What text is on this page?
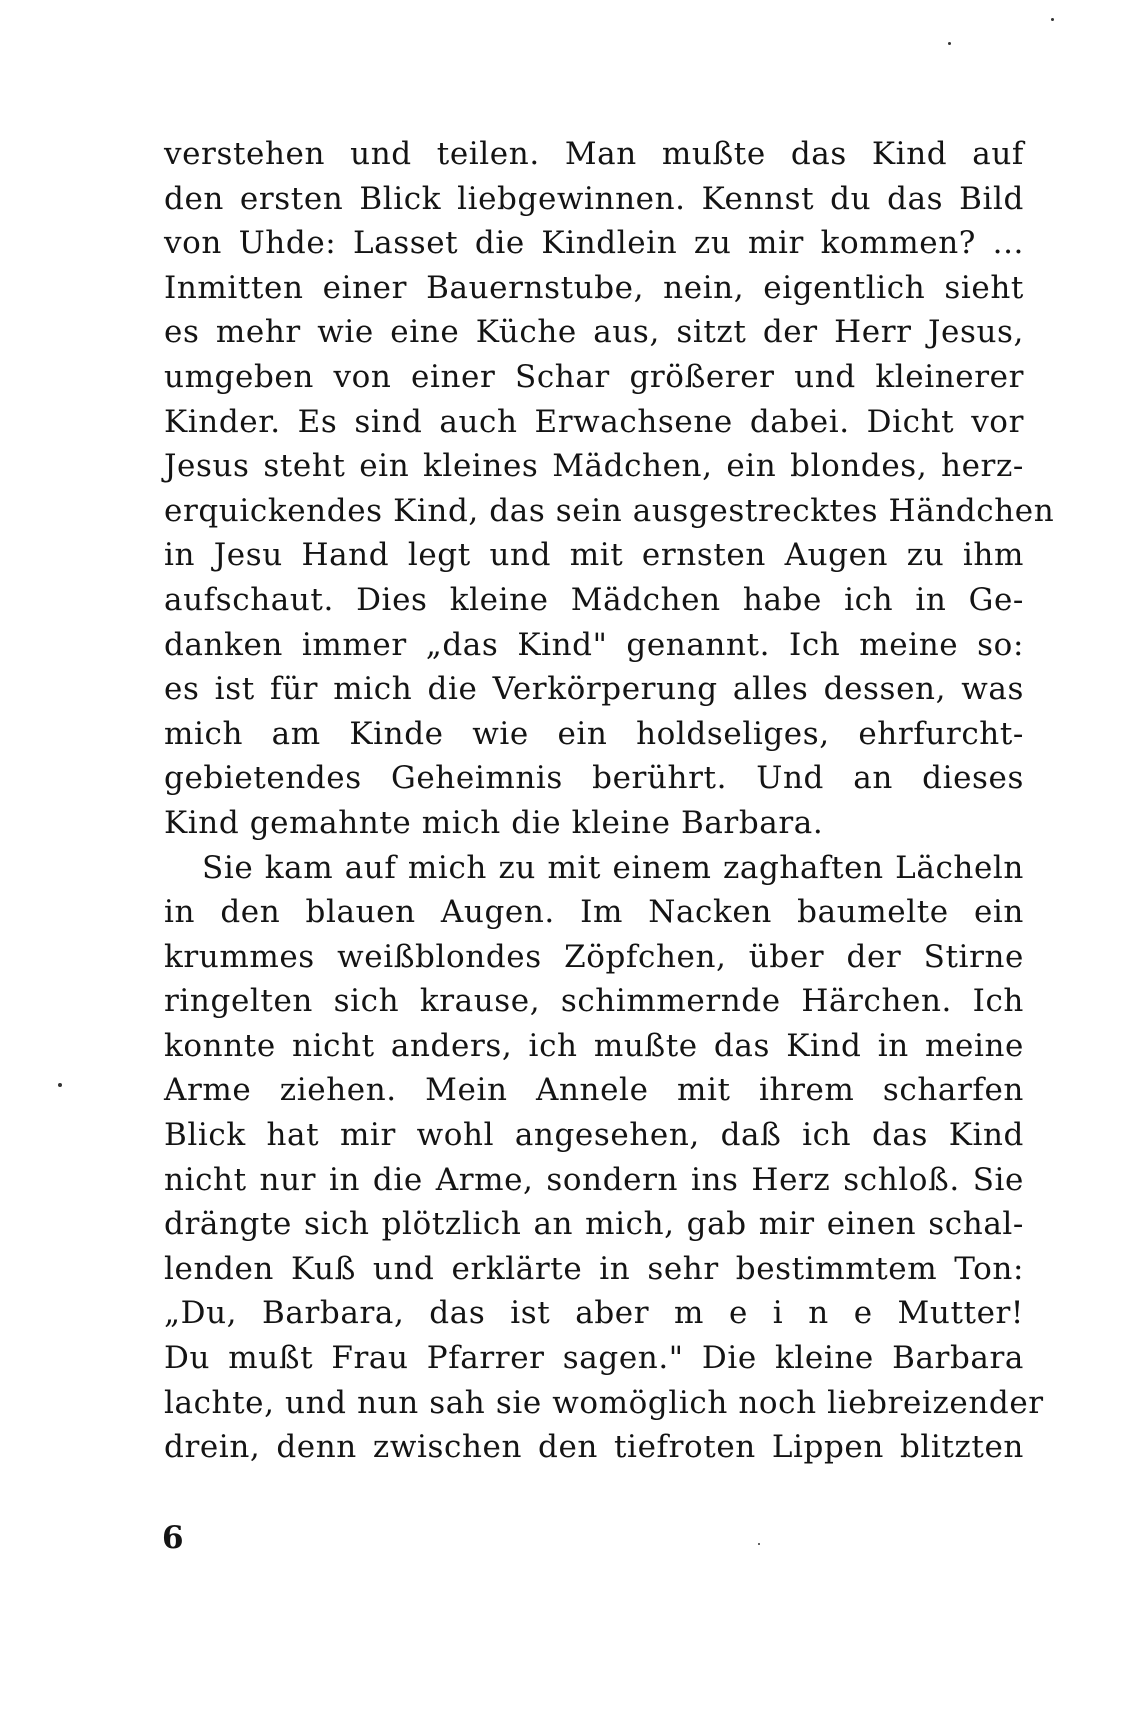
verstehen und teilen. Man mußte das Kind auf
den ersten Blick liebgewinnen. Kennst du das Bild
von Uhde: Lasset die Kindlein zu mir kommen? ...
Inmitten einer Bauernstube, nein, eigentlich sieht
es mehr wie eine Küche aus, sitzt der Herr Jesus,
umgeben von einer Schar größerer und kleinerer
Kinder. Es sind auch Erwachsene dabei. Dicht vor
Jesus steht ein kleines Mädchen, ein blondes, herz-
erquickendes Kind, das sein ausgestrecktes Händchen
in Jesu Hand legt und mit ernsten Augen zu ihm
aufschaut. Dies kleine Mädchen habe ich in Ge-
danken immer „das Kind" genannt. Ich meine so:
es ist für mich die Verkörperung alles dessen, was
mich am Kinde wie ein holdseliges, ehrfurcht-
gebietendes Geheimnis berührt. Und an dieses
Kind gemahnte mich die kleine Barbara.
Sie kam auf mich zu mit einem zaghaften Lächeln
in den blauen Augen. Im Nacken baumelte ein
krummes weißblondes Zöpfchen, über der Stirne
ringelten sich krause, schimmernde Härchen. Ich
konnte nicht anders, ich mußte das Kind in meine
Arme ziehen. Mein Annele mit ihrem scharfen
Blick hat mir wohl angesehen, daß ich das Kind
nicht nur in die Arme, sondern ins Herz schloß. Sie
drängte sich plötzlich an mich, gab mir einen schal-
lenden Kuß und erklärte in sehr bestimmtem Ton:
„Du, Barbara, das ist aber m e i n e Mutter!
Du mußt Frau Pfarrer sagen." Die kleine Barbara
lachte, und nun sah sie womöglich noch liebreizender
drein, denn zwischen den tiefroten Lippen blitzten
6
